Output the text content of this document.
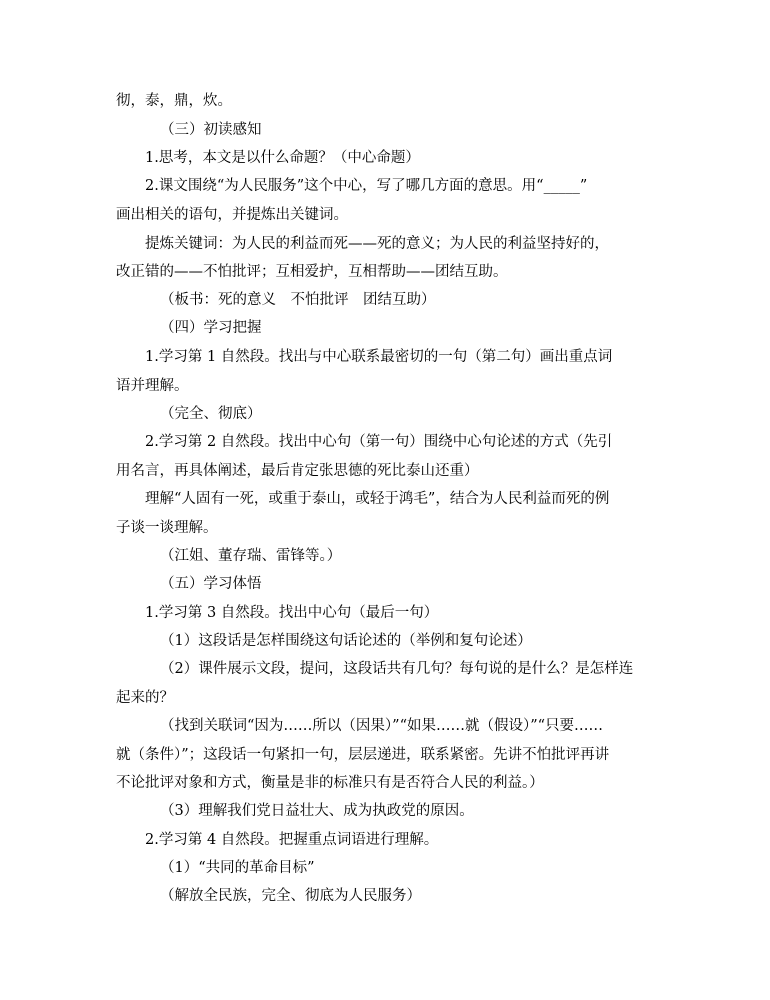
彻，泰，鼎，炊。

（三）初读感知

1.思考，本文是以什么命题？（中心命题）

2.课文围绕“为人民服务”这个中心，写了哪几方面的意思。用“_____”

画出相关的语句，并提炼出关键词。

提炼关键词：为人民的利益而死——死的意义；为人民的利益坚持好的，

改正错的——不怕批评；互相爱护，互相帮助——团结互助。

（板书：死的意义　不怕批评　团结互助）

（四）学习把握

1.学习第 1 自然段。找出与中心联系最密切的一句（第二句）画出重点词

语并理解。

（完全、彻底）

2.学习第 2 自然段。找出中心句（第一句）围绕中心句论述的方式（先引

用名言，再具体阐述，最后肯定张思德的死比泰山还重）

理解“人固有一死，或重于泰山，或轻于鸿毛”，结合为人民利益而死的例

子谈一谈理解。

（江姐、董存瑞、雷锋等。）

（五）学习体悟

1.学习第 3 自然段。找出中心句（最后一句）

（1）这段话是怎样围绕这句话论述的（举例和复句论述）

（2）课件展示文段，提问，这段话共有几句？每句说的是什么？是怎样连

起来的？

（找到关联词“因为……所以（因果）”“如果……就（假设）”“只要……

就（条件）”；这段话一句紧扣一句，层层递进，联系紧密。先讲不怕批评再讲

不论批评对象和方式，衡量是非的标准只有是否符合人民的利益。）

（3）理解我们党日益壮大、成为执政党的原因。

2.学习第 4 自然段。把握重点词语进行理解。

（1）“共同的革命目标”

（解放全民族，完全、彻底为人民服务）
